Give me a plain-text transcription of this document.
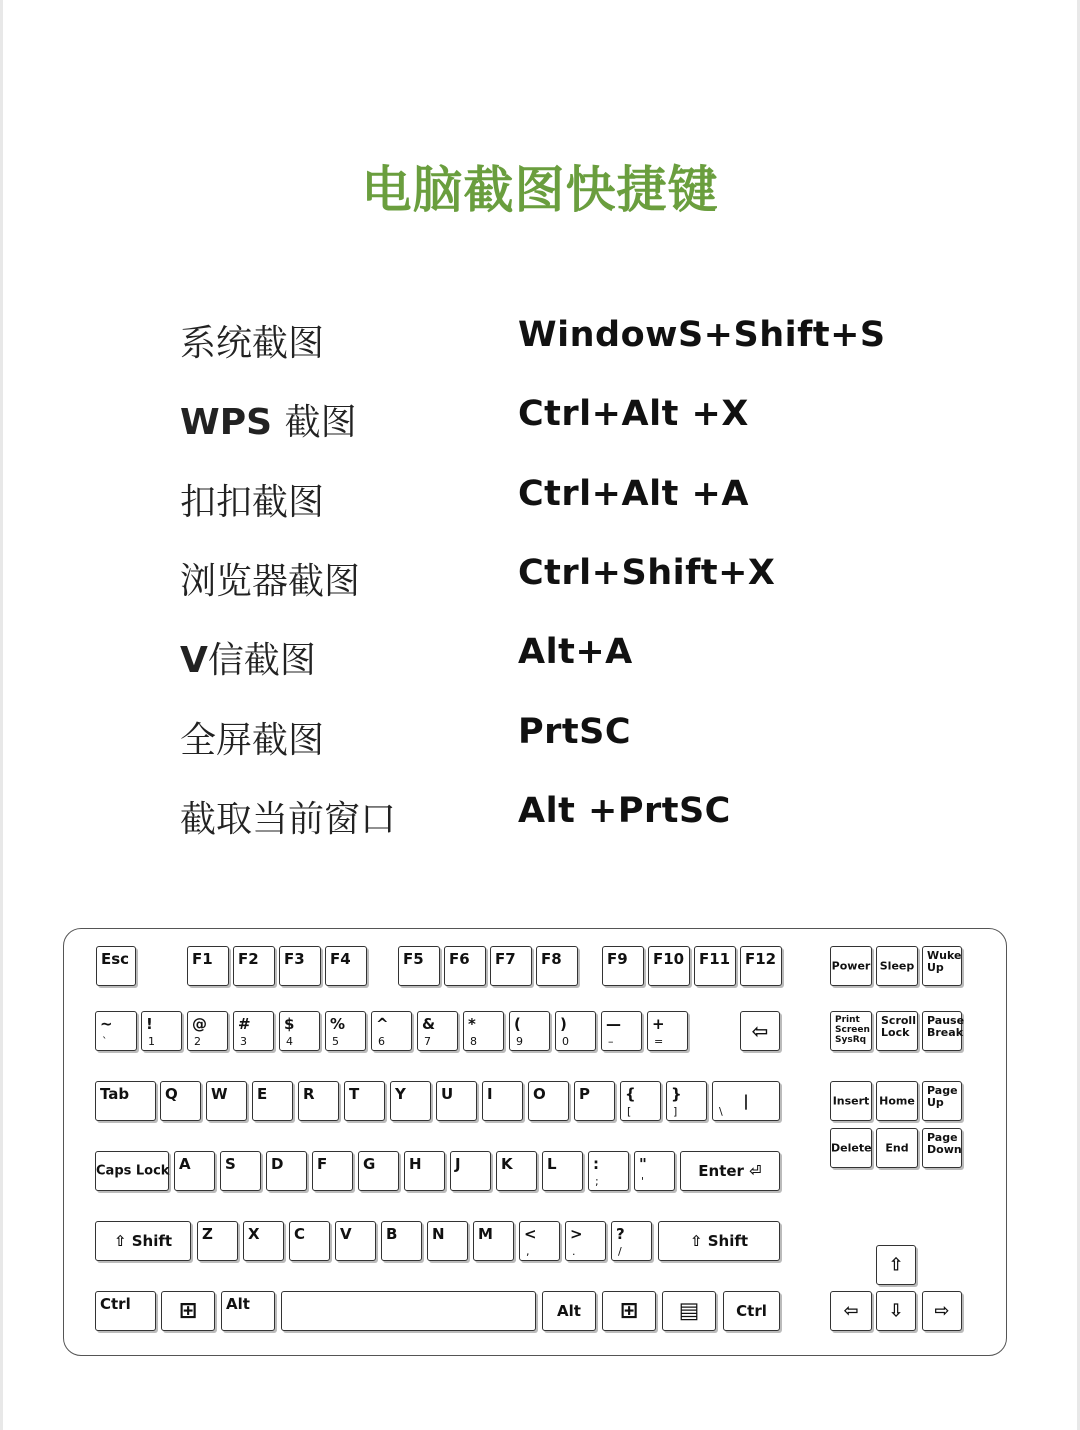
电脑截图快捷键
系统截图	WindowS+Shift+S
WPS 截图	Ctrl+Alt +X
扣扣截图	Ctrl+Alt +A
浏览器截图	Ctrl+Shift+X
V信截图	Alt+A
全屏截图	PrtSC
截取当前窗口	Alt +PrtSC
Esc	F1 F2 F3 F4	F5 F6 F7 F8	F9 F10 F11 F12	Power Sleep
Wuke
Up
~
`
!
1
@
2
#
3
$
4
%
5
^
6
&
7
*
8
(
9
)
0
—
–
+
=	⇦	Print
Screen
SysRq
Scroll
Lock
Pause
Break
Tab Q W E R T Y U I	O P {
[
}
]	\
|	Insert Home
Page
Up
Caps Lock A S D F G H J	K L :
;
"
'
Enter ⏎
Delete	End
Page
Down
⇧ Shift	Z X C V B N M <
,
>
.
?
/
⇧ Shift
⇧
Ctrl	⊞	Alt	Alt	⊞	▤	Ctrl	⇦	⇩	⇨
